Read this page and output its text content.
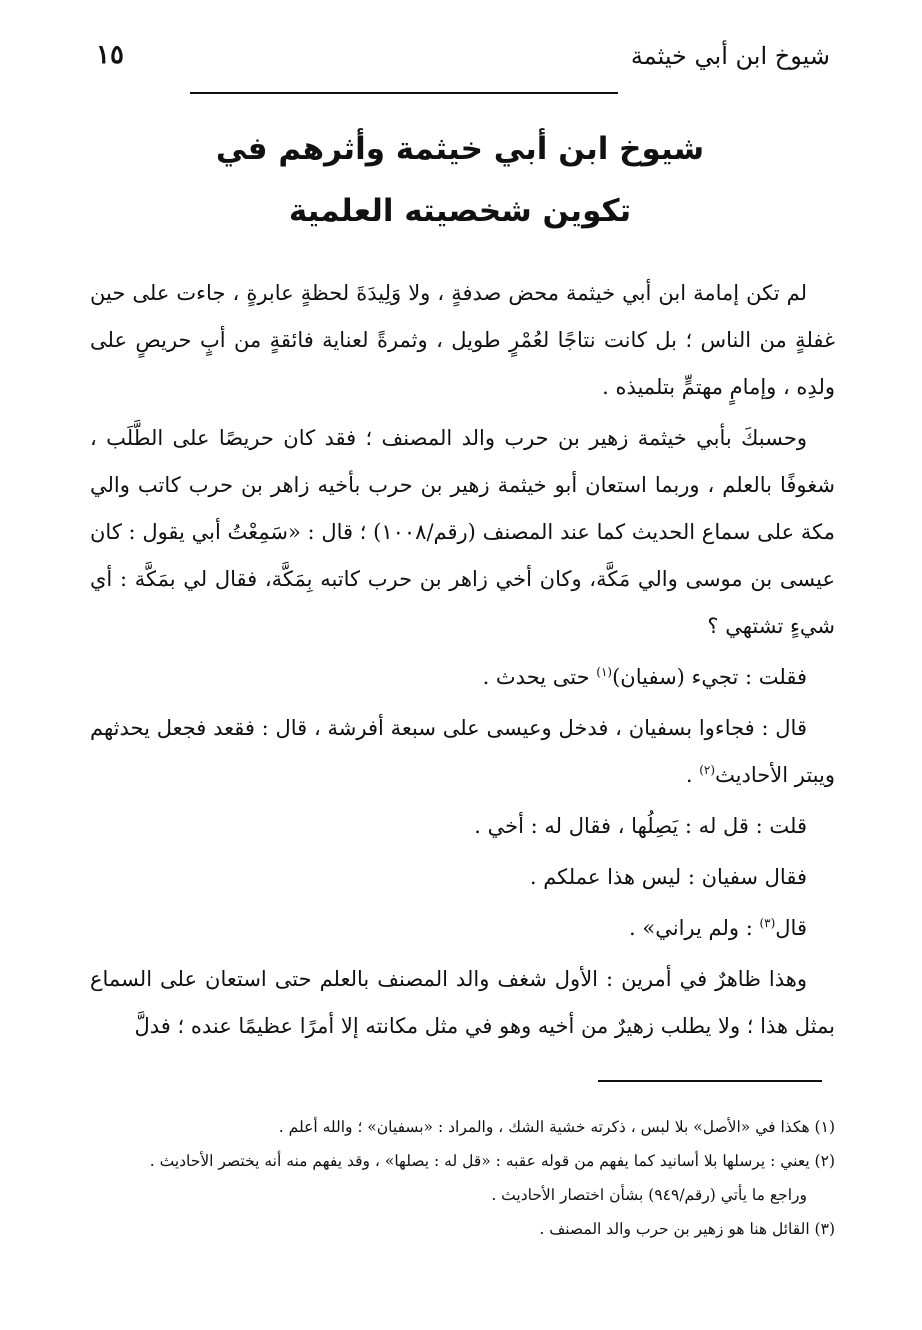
شيوخ ابن أبي خيثمة
١٥
شيوخ ابن أبي خيثمة وأثرهم في
تكوين شخصيته العلمية

لم تكن إمامة ابن أبي خيثمة محض صدفةٍ ، ولا وَلِيدَةَ لحظةٍ عابرةٍ ، جاءت على حين غفلةٍ من الناس ؛ بل كانت نتاجًا لعُمْرٍ طويل ، وثمرةً لعناية فائقةٍ من أبٍ حريصٍ على ولدِه ، وإمامٍ مهتمٍّ بتلميذه .

وحسبكَ بأبي خيثمة زهير بن حرب والد المصنف ؛ فقد كان حريصًا على الطَّلَب ، شغوفًا بالعلم ، وربما استعان أبو خيثمة زهير بن حرب بأخيه زاهر بن حرب كاتب والي مكة على سماع الحديث كما عند المصنف (رقم/١٠٠٨) ؛ قال : «سَمِعْتُ أبي يقول : كان عيسى بن موسى والي مَكَّة، وكان أخي زاهر بن حرب كاتبه بِمَكَّة، فقال لي بمَكَّة : أي شيءٍ تشتهي ؟

فقلت : تجيء (سفيان)$^{(١)}$ حتى يحدث .

قال : فجاءوا بسفيان ، فدخل وعيسى على سبعة أفرشة ، قال : فقعد فجعل يحدثهم ويبتر الأحاديث$^{(٢)}$ .

قلت : قل له : يَصِلُها ، فقال له : أخي .

فقال سفيان : ليس هذا عملكم .

قال$^{(٣)}$ : ولم يراني» .

وهذا ظاهرٌ في أمرين : الأول شغف والد المصنف بالعلم حتى استعان على السماع بمثل هذا ؛ ولا يطلب زهيرٌ من أخيه وهو في مثل مكانته إلا أمرًا عظيمًا عنده ؛ فدلَّ

(١) هكذا في «الأصل» بلا لبس ، ذكرته خشية الشك ، والمراد : «بسفيان» ؛ والله أعلم .
(٢) يعني : يرسلها بلا أسانيد كما يفهم من قوله عقبه : «قل له : يصلها» ، وقد يفهم منه أنه يختصر الأحاديث .
وراجع ما يأتي (رقم/٩٤٩) بشأن اختصار الأحاديث .
(٣) القائل هنا هو زهير بن حرب والد المصنف .
